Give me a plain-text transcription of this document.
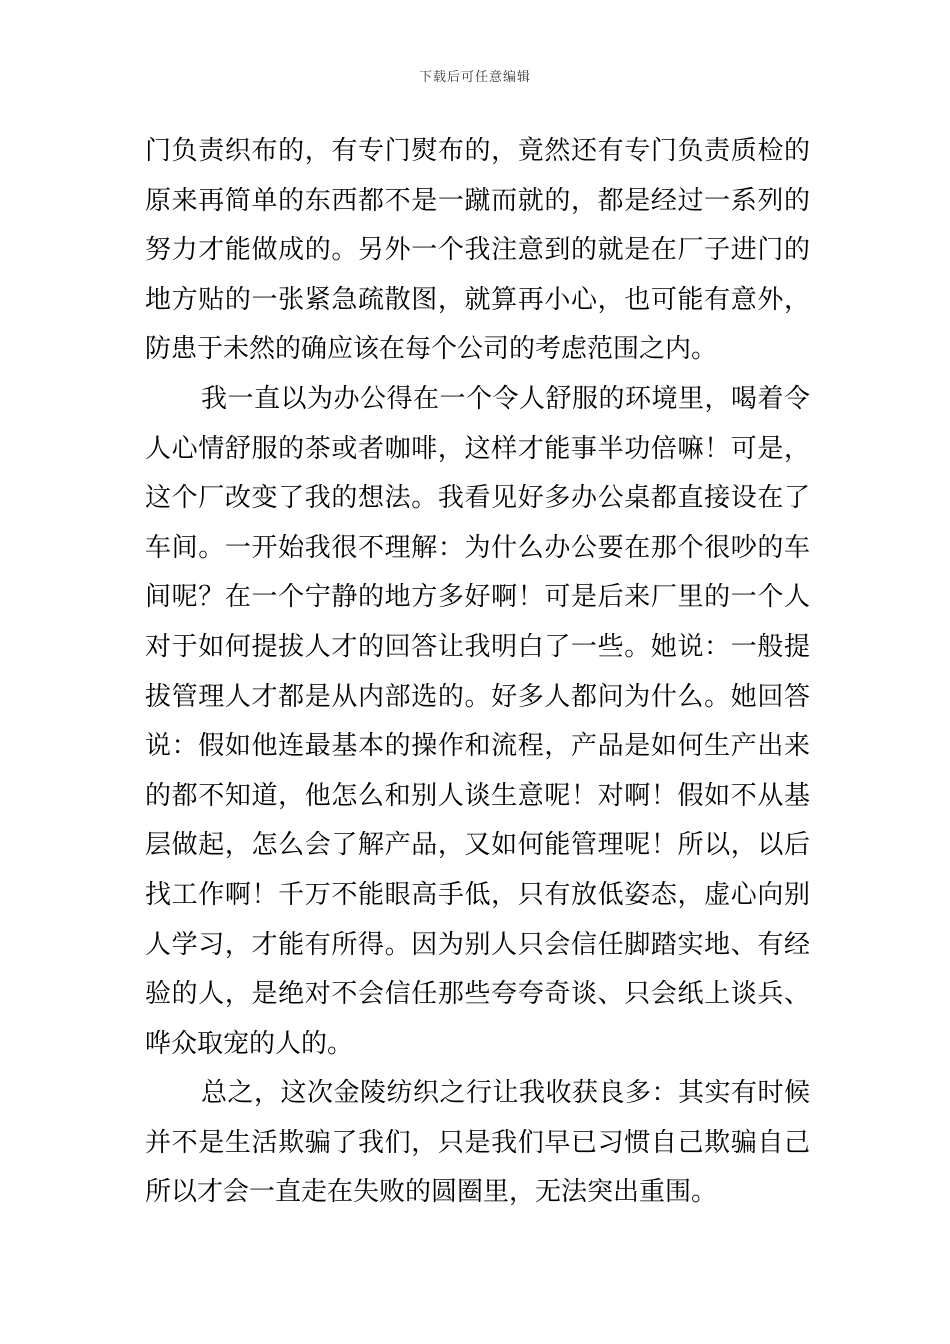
下载后可任意编辑
门负责织布的，有专门熨布的，竟然还有专门负责质检的
原来再简单的东西都不是一蹴而就的，都是经过一系列的
努力才能做成的。另外一个我注意到的就是在厂子进门的
地方贴的一张紧急疏散图，就算再小心，也可能有意外，
防患于未然的确应该在每个公司的考虑范围之内。
我一直以为办公得在一个令人舒服的环境里，喝着令
人心情舒服的茶或者咖啡，这样才能事半功倍嘛！可是，
这个厂改变了我的想法。我看见好多办公桌都直接设在了
车间。一开始我很不理解：为什么办公要在那个很吵的车
间呢？在一个宁静的地方多好啊！可是后来厂里的一个人
对于如何提拔人才的回答让我明白了一些。她说：一般提
拔管理人才都是从内部选的。好多人都问为什么。她回答
说：假如他连最基本的操作和流程，产品是如何生产出来
的都不知道，他怎么和别人谈生意呢！对啊！假如不从基
层做起，怎么会了解产品，又如何能管理呢！所以，以后
找工作啊！千万不能眼高手低，只有放低姿态，虚心向别
人学习，才能有所得。因为别人只会信任脚踏实地、有经
验的人，是绝对不会信任那些夸夸奇谈、只会纸上谈兵、
哗众取宠的人的。
总之，这次金陵纺织之行让我收获良多：其实有时候
并不是生活欺骗了我们，只是我们早已习惯自己欺骗自己
所以才会一直走在失败的圆圈里，无法突出重围。
